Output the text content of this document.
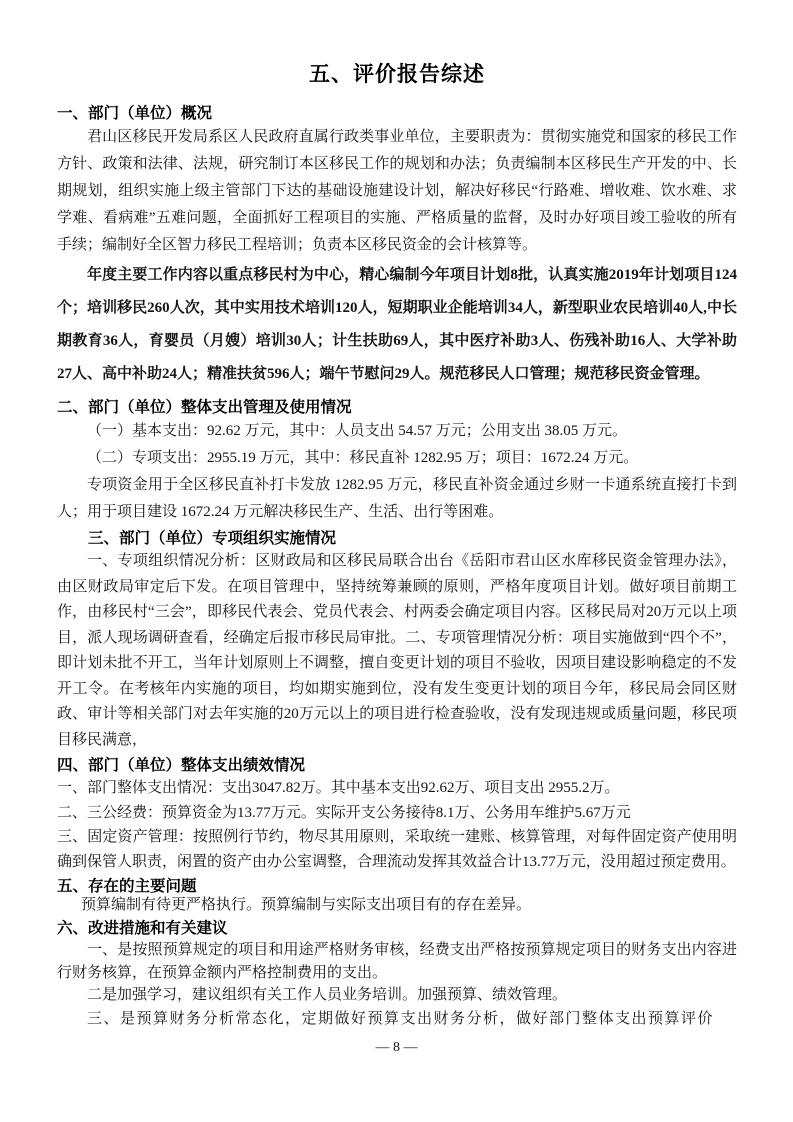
五、评价报告综述
一、部门（单位）概况

君山区移民开发局系区人民政府直属行政类事业单位，主要职责为：贯彻实施党和国家的移民工作方针、政策和法律、法规，研究制订本区移民工作的规划和办法；负责编制本区移民生产开发的中、长期规划，组织实施上级主管部门下达的基础设施建设计划，解决好移民“行路难、增收难、饮水难、求学难、看病难”五难问题，全面抓好工程项目的实施、严格质量的监督，及时办好项目竣工验收的所有手续；编制好全区智力移民工程培训；负责本区移民资金的会计核算等。

年度主要工作内容以重点移民村为中心，精心编制今年项目计划8批，认真实施2019年计划项目124个；培训移民260人次，其中实用技术培训120人，短期职业企能培训34人，新型职业农民培训40人,中长期教育36人，育婴员（月嫂）培训30人；计生扶助69人，其中医疗补助3人、伤残补助16人、大学补助27人、高中补助24人；精准扶贫596人；端午节慰问29人。规范移民人口管理；规范移民资金管理。

二、部门（单位）整体支出管理及使用情况

（一）基本支出：92.62 万元，其中：人员支出 54.57 万元；公用支出 38.05 万元。

（二）专项支出：2955.19 万元，其中：移民直补 1282.95 万；项目：1672.24 万元。

专项资金用于全区移民直补打卡发放 1282.95 万元，移民直补资金通过乡财一卡通系统直接打卡到人；用于项目建设 1672.24 万元解决移民生产、生活、出行等困难。

三、部门（单位）专项组织实施情况

一、专项组织情况分析：区财政局和区移民局联合出台《岳阳市君山区水库移民资金管理办法》，由区财政局审定后下发。在项目管理中，坚持统筹兼顾的原则，严格年度项目计划。做好项目前期工作，由移民村“三会”，即移民代表会、党员代表会、村两委会确定项目内容。区移民局对20万元以上项目，派人现场调研查看，经确定后报市移民局审批。二、专项管理情况分析：项目实施做到“四个不”，即计划未批不开工，当年计划原则上不调整，擅自变更计划的项目不验收，因项目建设影响稳定的不发开工令。在考核年内实施的项目，均如期实施到位，没有发生变更计划的项目今年，移民局会同区财政、审计等相关部门对去年实施的20万元以上的项目进行检查验收，没有发现违规或质量问题，移民项目移民满意，

四、部门（单位）整体支出绩效情况

一、部门整体支出情况：支出3047.82万。其中基本支出92.62万、项目支出 2955.2万。

二、三公经费：预算资金为13.77万元。实际开支公务接待8.1万、公务用车维护5.67万元

三、固定资产管理：按照例行节约，物尽其用原则，采取统一建账、核算管理，对每件固定资产使用明确到保管人职责，闲置的资产由办公室调整，合理流动发挥其效益合计13.77万元，没用超过预定费用。

五、存在的主要问题

预算编制有待更严格执行。预算编制与实际支出项目有的存在差异。

六、改进措施和有关建议

一、是按照预算规定的项目和用途严格财务审核，经费支出严格按预算规定项目的财务支出内容进行财务核算，在预算金额内严格控制费用的支出。

二是加强学习，建议组织有关工作人员业务培训。加强预算、绩效管理。

三、是预算财务分析常态化，定期做好预算支出财务分析，做好部门整体支出预算评价

— 8 —
